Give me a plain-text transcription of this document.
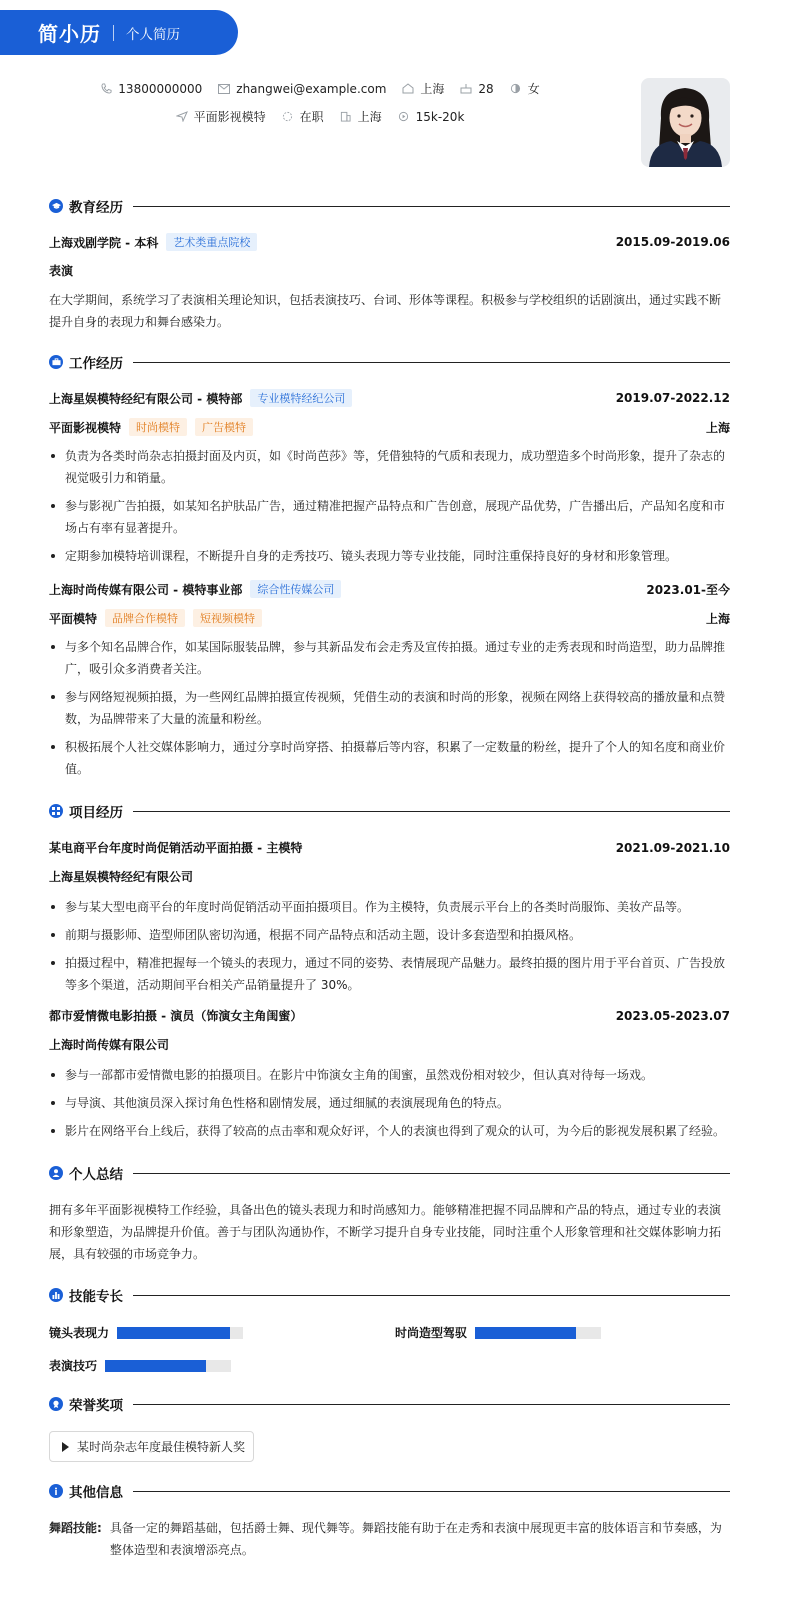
简小历 个人简历
13800000000	zhangwei@example.com	上海	28	女
平面影视模特	在职	上海	15k-20k
教育经历
上海戏剧学院 - 本科	艺术类重点院校	2015.09-2019.06
表演
在大学期间，系统学习了表演相关理论知识，包括表演技巧、台词、形体等课程。积极参与学校组织的话剧演出，通过实践不断提升自身的表现力和舞台感染力。
工作经历
上海星娱模特经纪有限公司 - 模特部	专业模特经纪公司	2019.07-2022.12
平面影视模特	时尚模特	广告模特	上海
负责为各类时尚杂志拍摄封面及内页，如《时尚芭莎》等，凭借独特的气质和表现力，成功塑造多个时尚形象，提升了杂志的视觉吸引力和销量。
参与影视广告拍摄，如某知名护肤品广告，通过精准把握产品特点和广告创意，展现产品优势，广告播出后，产品知名度和市场占有率有显著提升。
定期参加模特培训课程，不断提升自身的走秀技巧、镜头表现力等专业技能，同时注重保持良好的身材和形象管理。
上海时尚传媒有限公司 - 模特事业部	综合性传媒公司	2023.01-至今
平面模特	品牌合作模特	短视频模特	上海
与多个知名品牌合作，如某国际服装品牌，参与其新品发布会走秀及宣传拍摄。通过专业的走秀表现和时尚造型，助力品牌推广，吸引众多消费者关注。
参与网络短视频拍摄，为一些网红品牌拍摄宣传视频，凭借生动的表演和时尚的形象，视频在网络上获得较高的播放量和点赞数，为品牌带来了大量的流量和粉丝。
积极拓展个人社交媒体影响力，通过分享时尚穿搭、拍摄幕后等内容，积累了一定数量的粉丝，提升了个人的知名度和商业价值。
项目经历
某电商平台年度时尚促销活动平面拍摄 - 主模特	2021.09-2021.10
上海星娱模特经纪有限公司
参与某大型电商平台的年度时尚促销活动平面拍摄项目。作为主模特，负责展示平台上的各类时尚服饰、美妆产品等。
前期与摄影师、造型师团队密切沟通，根据不同产品特点和活动主题，设计多套造型和拍摄风格。
拍摄过程中，精准把握每一个镜头的表现力，通过不同的姿势、表情展现产品魅力。最终拍摄的图片用于平台首页、广告投放等多个渠道，活动期间平台相关产品销量提升了 30%。
都市爱情微电影拍摄 - 演员（饰演女主角闺蜜）	2023.05-2023.07
上海时尚传媒有限公司
参与一部都市爱情微电影的拍摄项目。在影片中饰演女主角的闺蜜，虽然戏份相对较少，但认真对待每一场戏。
与导演、其他演员深入探讨角色性格和剧情发展，通过细腻的表演展现角色的特点。
影片在网络平台上线后，获得了较高的点击率和观众好评，个人的表演也得到了观众的认可，为今后的影视发展积累了经验。
个人总结
拥有多年平面影视模特工作经验，具备出色的镜头表现力和时尚感知力。能够精准把握不同品牌和产品的特点，通过专业的表演和形象塑造，为品牌提升价值。善于与团队沟通协作，不断学习提升自身专业技能，同时注重个人形象管理和社交媒体影响力拓展，具有较强的市场竞争力。
技能专长
镜头表现力	时尚造型驾驭
表演技巧
荣誉奖项
某时尚杂志年度最佳模特新人奖
其他信息
舞蹈技能: 具备一定的舞蹈基础，包括爵士舞、现代舞等。舞蹈技能有助于在走秀和表演中展现更丰富的肢体语言和节奏感，为整体造型和表演增添亮点。
